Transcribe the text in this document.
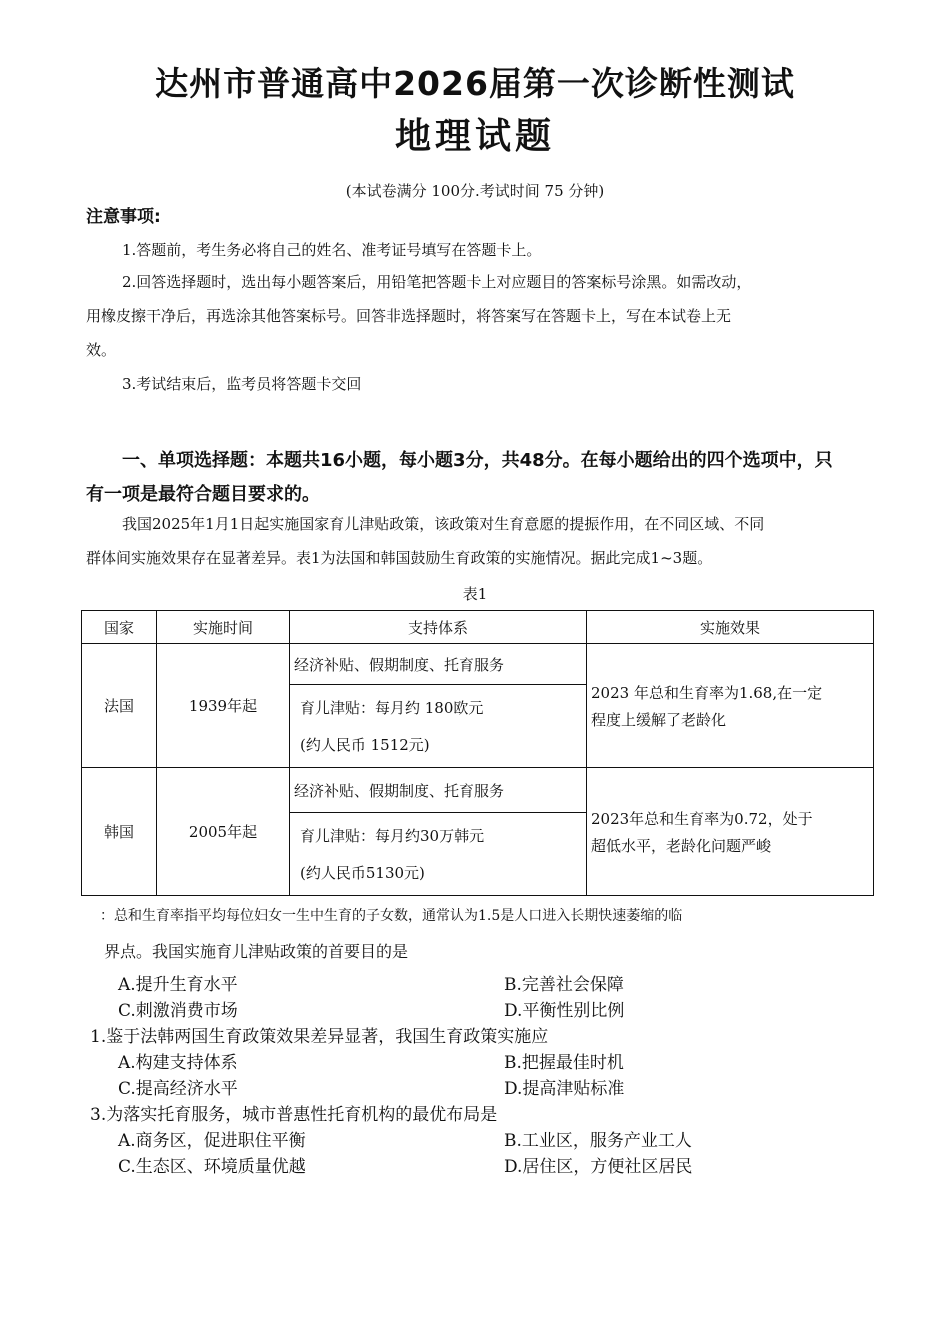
达州市普通高中2026届第一次诊断性测试
地理试题
(本试卷满分 100分.考试时间 75 分钟)
注意事项:
1.答题前，考生务必将自己的姓名、准考证号填写在答题卡上。
2.回答选择题时，选出每小题答案后，用铅笔把答题卡上对应题目的答案标号涂黑。如需改动，
用橡皮擦干净后，再选涂其他答案标号。回答非选择题时，将答案写在答题卡上，写在本试卷上无
效。
3.考试结束后，监考员将答题卡交回
一、单项选择题：本题共16小题，每小题3分，共48分。在每小题给出的四个选项中，只
有一项是最符合题目要求的。
我国2025年1月1日起实施国家育儿津贴政策，该政策对生育意愿的提振作用，在不同区域、不同
群体间实施效果存在显著差异。表1为法国和韩国鼓励生育政策的实施情况。据此完成1~3题。
表1
国家	实施时间	支持体系	实施效果
法国	1939年起	经济补贴、假期制度、托育服务	2023 年总和生育率为1.68,在一定
程度上缓解了老龄化

		育儿津贴：每月约 180欧元
(约人民币 1512元)	

韩国	2005年起	经济补贴、假期制度、托育服务	2023年总和生育率为0.72，处于
超低水平，老龄化问题严峻

		育儿津贴：每月约30万韩元
(约人民币5130元)	
：总和生育率指平均每位妇女一生中生育的子女数，通常认为1.5是人口进入长期快速萎缩的临
界点。我国实施育儿津贴政策的首要目的是
A.提升生育水平	B.完善社会保障
C.刺激消费市场	D.平衡性别比例
1.鉴于法韩两国生育政策效果差异显著，我国生育政策实施应
A.构建支持体系	B.把握最佳时机
C.提高经济水平	D.提高津贴标准
3.为落实托育服务，城市普惠性托育机构的最优布局是
A.商务区，促进职住平衡	B.工业区，服务产业工人
C.生态区、环境质量优越	D.居住区，方便社区居民
